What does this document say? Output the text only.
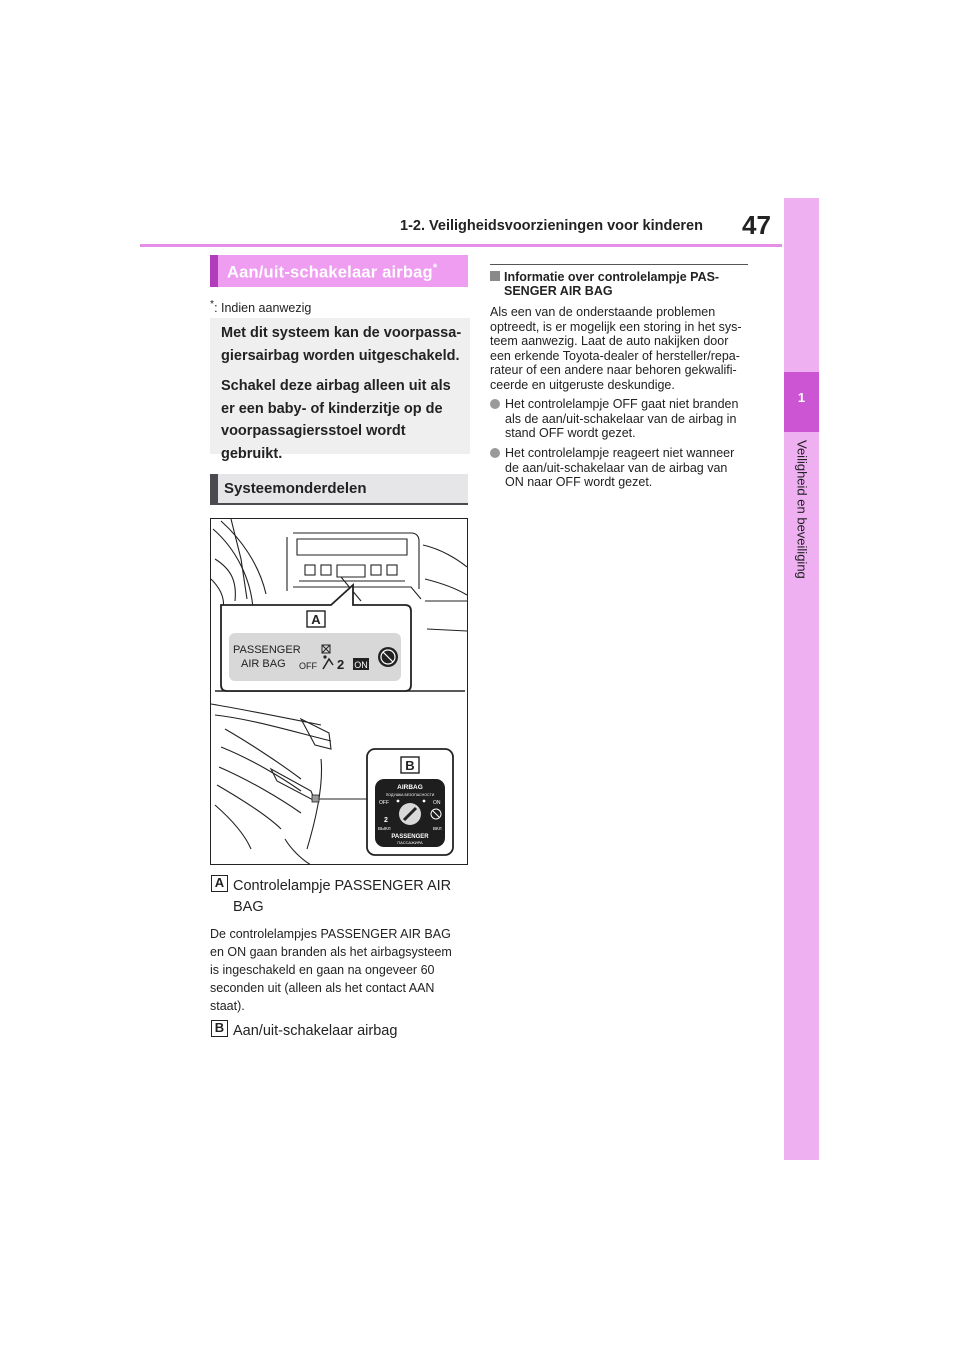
1-2. Veiligheidsvoorzieningen voor kinderen 47
1
Veiligheid en beveiliging
Aan/uit-schakelaar airbag*
*: Indien aanwezig

Met dit systeem kan de voorpassa-giersairbag worden uitgeschakeld.

Schakel deze airbag alleen uit als er een baby- of kinderzitje op de voorpassagiersstoel wordt gebruikt.

Systeemonderdelen
A
PASSENGER
AIR BAG OFF 2 ON
B
AIRBAG
ПОДУШКА БЕЗОПАСНОСТИ
OFF	ON
ВЫКЛ	ВКЛ
2
PASSENGER
ПАССАЖИРА
A Controlelampje PASSENGER AIR
BAG
De controlelampjes PASSENGER AIR BAG
en ON gaan branden als het airbagsysteem
is ingeschakeld en gaan na ongeveer 60
seconden uit (alleen als het contact AAN
staat).
B Aan/uit-schakelaar airbag
Informatie over controlelampje PAS-
SENGER AIR BAG
Als een van de onderstaande problemen
optreedt, is er mogelijk een storing in het sys-
teem aanwezig. Laat de auto nakijken door
een erkende Toyota-dealer of hersteller/repa-
rateur of een andere naar behoren gekwalifi-
ceerde en uitgeruste deskundige.
Het controlelampje OFF gaat niet branden
als de aan/uit-schakelaar van de airbag in
stand OFF wordt gezet.
Het controlelampje reageert niet wanneer
de aan/uit-schakelaar van de airbag van
ON naar OFF wordt gezet.
